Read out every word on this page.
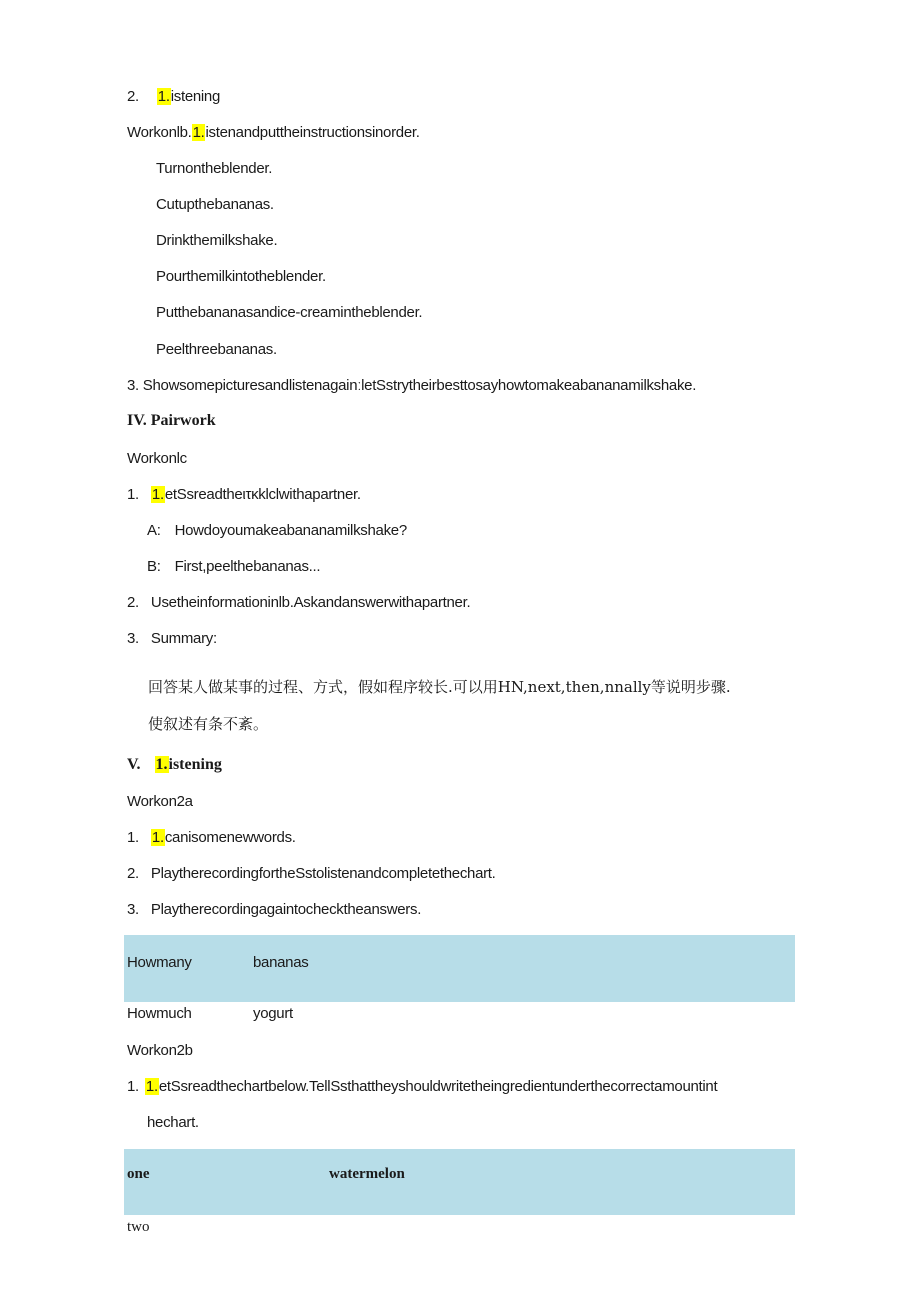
2. 1.istening
Workonlb.1.istenandputtheinstructionsinorder.
Turnontheblender.
Cutupthebananas.
Drinkthemilkshake.
Pourthemilkintotheblender.
Putthebananasandice-creamintheblender.
Peelthreebananas.
3. ShowsomepicturesandlistenagainːletSstrytheirbesttosayhowtomakeabananamilkshake.
IV. Pairwork
Workonlc
1. 1.etSsreadtheιτκklclwithapartner.
A: Howdoyoumakeabananamilkshake?
B: First,peelthebananas...
2. Usetheinformationinlb.Askandanswerwithapartner.
3. Summary:
回答某人做某事的过程、方式，假如程序较长.可以用HN,next,then,nnally等说明步骤.
使叙述有条不紊。
V. 1.istening
Workon2a
1. 1.canisomenewwords.
2. PlaytherecordingfortheSstolistenandcompletethechart.
3. Playtherecordingagaintochecktheanswers.
Howmany	bananas
Howmuch	yogurt
Workon2b
1. 1.etSsreadthechartbelow.TellSsthattheyshouldwritetheingredientunderthecorrectamountint
hechart.
one	watermelon
two
